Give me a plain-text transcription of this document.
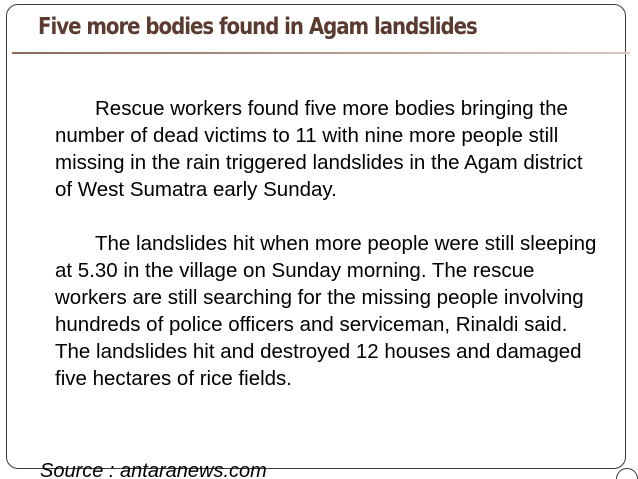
Five more bodies found in Agam landslides

Rescue workers found five more bodies bringing the number of dead victims to 11 with nine more people still missing in the rain triggered landslides in the Agam district of West Sumatra early Sunday.

The landslides hit when more people were still sleeping at 5.30 in the village on Sunday morning. The rescue workers are still searching for the missing people involving hundreds of police officers and serviceman, Rinaldi said. The landslides hit and destroyed 12 houses and damaged five hectares of rice fields.

Source : antaranews.com
